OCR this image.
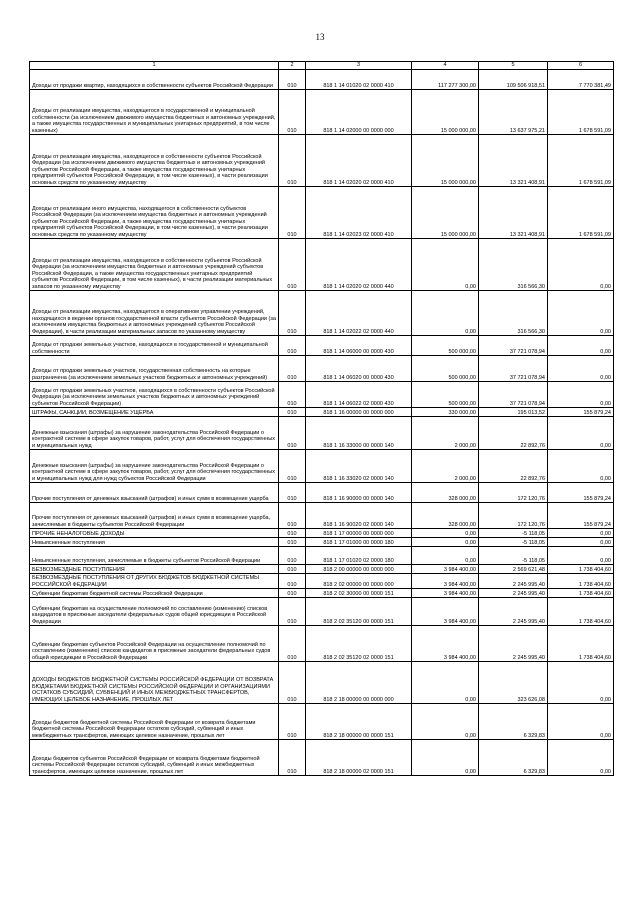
13
1	2	3	4	5	6
Доходы от продажи квартир, находящихся в собственности субъектов Российской Федерации	010	818 1 14 01020 02 0000 410	117 277 300,00	109 506 918,51	7 770 381,49
Доходы от реализации имущества, находящегося в государственной и муниципальной собственности (за исключением движимого имущества бюджетных и автономных учреждений, а также имущества государственных и муниципальных унитарных предприятий, в том числе казенных)	010	818 1 14 02000 00 0000 000	15 000 000,00	13 637 975,21	1 678 591,09
Доходы от реализации имущества, находящегося в собственности субъектов Российской Федерации (за исключением движимого имущества бюджетных и автономных учреждений субъектов Российской Федерации, а также имущества государственных унитарных предприятий субъектов Российской Федерации, в том числе казенных), в части реализации основных средств по указанному имуществу	010	818 1 14 02020 02 0000 410	15 000 000,00	13 321 408,91	1 678 591,09
Доходы от реализации иного имущества, находящегося в собственности субъектов Российской Федерации (за исключением имущества бюджетных и автономных учреждений субъектов Российской Федерации, а также имущества государственных унитарных предприятий субъектов Российской Федерации, в том числе казенных), в части реализации основных средств по указанному имуществу	010	818 1 14 02023 02 0000 410	15 000 000,00	13 321 408,91	1 678 591,09
Доходы от реализации имущества, находящегося в собственности субъектов Российской Федерации (за исключением имущества бюджетных и автономных учреждений субъектов Российской Федерации, а также имущества государственных унитарных предприятий субъектов Российской Федерации, в том числе казенных), в части реализации материальных запасов по указанному имуществу	010	818 1 14 02020 02 0000 440	0,00	316 566,30	0,00
Доходы от реализации имущества, находящегося в оперативном управлении учреждений, находящихся в ведении органов государственной власти субъектов Российской Федерации (за исключением имущества бюджетных и автономных учреждений субъектов Российской Федерации), в части реализации материальных запасов по указанному имуществу	010	818 1 14 02022 02 0000 440	0,00	316 566,30	0,00
Доходы от продажи земельных участков, находящихся в государственной и муниципальной собственности	010	818 1 14 06000 00 0000 430	500 000,00	37 721 078,94	0,00
Доходы от продажи земельных участков, государственная собственность на которые разграничена (за исключением земельных участков бюджетных и автономных учреждений)	010	818 1 14 06020 00 0000 430	500 000,00	37 721 078,94	0,00
Доходы от продажи земельных участков, находящихся в собственности субъектов Российской Федерации (за исключением земельных участков бюджетных и автономных учреждений субъектов Российской Федерации)	010	818 1 14 06022 02 0000 430	500 000,00	37 721 078,94	0,00
ШТРАФЫ, САНКЦИИ, ВОЗМЕЩЕНИЕ УЩЕРБА	010	818 1 16 00000 00 0000 000	330 000,00	195 013,52	155 879,24
Денежные взыскания (штрафы) за нарушение законодательства Российской Федерации о контрактной системе в сфере закупок товаров, работ, услуг для обеспечения государственных и муниципальных нужд	010	818 1 16 33000 00 0000 140	2 000,00	22 892,76	0,00
Денежные взыскания (штрафы) за нарушение законодательства Российской Федерации о контрактной системе в сфере закупок товаров, работ, услуг для обеспечения государственных и муниципальных нужд для нужд субъектов Российской Федерации	010	818 1 16 33020 02 0000 140	2 000,00	22 892,76	0,00
Прочие поступления от денежных взысканий (штрафов) и иных сумм в возмещение ущерба	010	818 1 16 90000 00 0000 140	328 000,00	172 120,76	155 879,24
Прочие поступления от денежных взысканий (штрафов) и иных сумм в возмещение ущерба, зачисляемые в бюджеты субъектов Российской Федерации	010	818 1 16 90020 02 0000 140	328 000,00	172 120,76	155 879,24
ПРОЧИЕ НЕНАЛОГОВЫЕ ДОХОДЫ	010	818 1 17 00000 00 0000 000	0,00	-5 118,05	0,00
Невыясненные поступления	010	818 1 17 01000 00 0000 180	0,00	-5 118,05	0,00
Невыясненные поступления, зачисляемые в бюджеты субъектов Российской Федерации	010	818 1 17 01020 02 0000 180	0,00	-5 118,05	0,00
БЕЗВОЗМЕЗДНЫЕ ПОСТУПЛЕНИЯ	010	818 2 00 00000 00 0000 000	3 984 400,00	2 569 621,48	1 738 404,60
БЕЗВОЗМЕЗДНЫЕ ПОСТУПЛЕНИЯ ОТ ДРУГИХ БЮДЖЕТОВ БЮДЖЕТНОЙ СИСТЕМЫ РОССИЙСКОЙ ФЕДЕРАЦИИ	010	818 2 02 00000 00 0000 000	3 984 400,00	2 245 995,40	1 738 404,60
Субвенции бюджетам бюджетной системы Российской Федерации	010	818 2 02 30000 00 0000 151	3 984 400,00	2 245 995,40	1 738 404,60
Субвенции бюджетам на осуществление полномочий по составлению (изменению) списков кандидатов в присяжные заседатели федеральных судов общей юрисдикции в Российской Федерации	010	818 2 02 35120 00 0000 151	3 984 400,00	2 245 995,40	1 738 404,60
Субвенции бюджетам субъектов Российской Федерации на осуществление полномочий по составлению (изменению) списков кандидатов в присяжные заседатели федеральных судов общей юрисдикции в Российской Федерации	010	818 2 02 35120 02 0000 151	3 984 400,00	2 245 995,40	1 738 404,60
ДОХОДЫ БЮДЖЕТОВ БЮДЖЕТНОЙ СИСТЕМЫ РОССИЙСКОЙ ФЕДЕРАЦИИ ОТ ВОЗВРАТА БЮДЖЕТАМИ БЮДЖЕТНОЙ СИСТЕМЫ РОССИЙСКОЙ ФЕДЕРАЦИИ И ОРГАНИЗАЦИЯМИ ОСТАТКОВ СУБСИДИЙ, СУБВЕНЦИЙ И ИНЫХ МЕЖБЮДЖЕТНЫХ ТРАНСФЕРТОВ, ИМЕЮЩИХ ЦЕЛЕВОЕ НАЗНАЧЕНИЕ, ПРОШЛЫХ ЛЕТ	010	818 2 18 00000 00 0000 000	0,00	323 626,08	0,00
Доходы бюджетов бюджетной системы Российской Федерации от возврата бюджетами бюджетной системы Российской Федерации остатков субсидий, субвенций и иных межбюджетных трансфертов, имеющих целевое назначение, прошлых лет	010	818 2 18 00000 00 0000 151	0,00	6 329,83	0,00
Доходы бюджетов субъектов Российской Федерации от возврата бюджетами бюджетной системы Российской Федерации остатков субсидий, субвенций и иных межбюджетных трансфертов, имеющих целевое назначение, прошлых лет	010	818 2 18 00000 02 0000 151	0,00	6 329,83	0,00
